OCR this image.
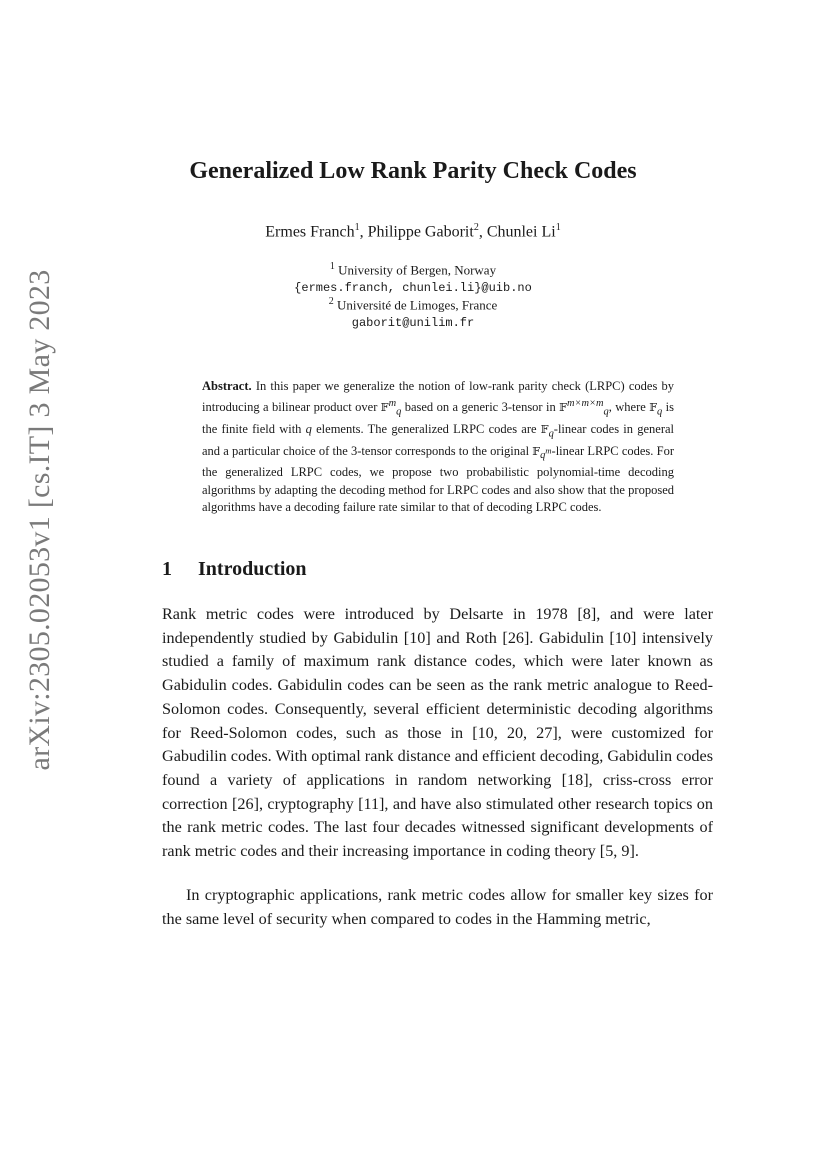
arXiv:2305.02053v1 [cs.IT] 3 May 2023
Generalized Low Rank Parity Check Codes
Ermes Franch$^1$, Philippe Gaborit$^2$, Chunlei Li$^1$
$^1$ University of Bergen, Norway
{ermes.franch, chunlei.li}@uib.no
$^2$ Université de Limoges, France
gaborit@unilim.fr

Abstract. In this paper we generalize the notion of low-rank parity check (LRPC) codes by introducing a bilinear product over 𝔽$^m_q$ based on a generic 3-tensor in 𝔽$^{m\times m\times m}_q$, where 𝔽$_q$ is the finite field with q elements. The generalized LRPC codes are 𝔽$_q$-linear codes in general and a particular choice of the 3-tensor corresponds to the original 𝔽$_{q^m}$-linear LRPC codes. For the generalized LRPC codes, we propose two probabilistic polynomial-time decoding algorithms by adapting the decoding method for LRPC codes and also show that the proposed algorithms have a decoding failure rate similar to that of decoding LRPC codes.

1 Introduction

Rank metric codes were introduced by Delsarte in 1978 [8], and were later independently studied by Gabidulin [10] and Roth [26]. Gabidulin [10] intensively studied a family of maximum rank distance codes, which were later known as Gabidulin codes. Gabidulin codes can be seen as the rank metric analogue to Reed-Solomon codes. Consequently, several efficient deterministic decoding algorithms for Reed-Solomon codes, such as those in [10, 20, 27], were customized for Gabudilin codes. With optimal rank distance and efficient decoding, Gabidulin codes found a variety of applications in random networking [18], criss-cross error correction [26], cryptography [11], and have also stimulated other research topics on the rank metric codes. The last four decades witnessed significant developments of rank metric codes and their increasing importance in coding theory [5, 9].

In cryptographic applications, rank metric codes allow for smaller key sizes for the same level of security when compared to codes in the Hamming metric,
